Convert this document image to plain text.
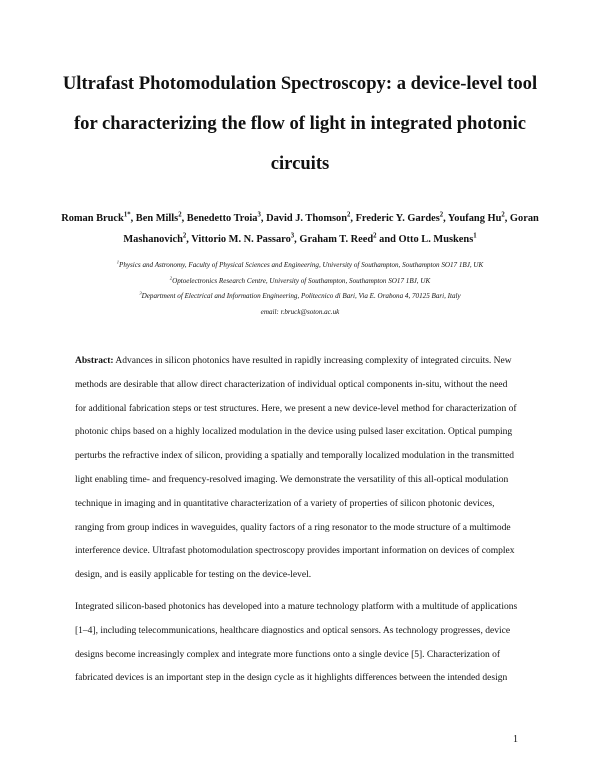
Ultrafast Photomodulation Spectroscopy: a device-level tool
for characterizing the flow of light in integrated photonic
circuits
Roman Bruck$^{1*}$, Ben Mills$^2$, Benedetto Troia$^3$, David J. Thomson$^2$, Frederic Y. Gardes$^2$, Youfang Hu$^2$, Goran
Mashanovich$^2$, Vittorio M. N. Passaro$^3$, Graham T. Reed$^2$ and Otto L. Muskens$^1$
$^1$Physics and Astronomy, Faculty of Physical Sciences and Engineering, University of Southampton, Southampton SO17 1BJ, UK
$^2$Optoelectronics Research Centre, University of Southampton, Southampton SO17 1BJ, UK
$^3$Department of Electrical and Information Engineering, Politecnico di Bari, Via E. Orabona 4, 70125 Bari, Italy
email: r.bruck@soton.ac.uk
Abstract: Advances in silicon photonics have resulted in rapidly increasing complexity of integrated circuits. New
methods are desirable that allow direct characterization of individual optical components in-situ, without the need
for additional fabrication steps or test structures. Here, we present a new device-level method for characterization of
photonic chips based on a highly localized modulation in the device using pulsed laser excitation. Optical pumping
perturbs the refractive index of silicon, providing a spatially and temporally localized modulation in the transmitted
light enabling time- and frequency-resolved imaging. We demonstrate the versatility of this all-optical modulation
technique in imaging and in quantitative characterization of a variety of properties of silicon photonic devices,
ranging from group indices in waveguides, quality factors of a ring resonator to the mode structure of a multimode
interference device. Ultrafast photomodulation spectroscopy provides important information on devices of complex
design, and is easily applicable for testing on the device-level.
Integrated silicon-based photonics has developed into a mature technology platform with a multitude of applications
[1–4], including telecommunications, healthcare diagnostics and optical sensors. As technology progresses, device
designs become increasingly complex and integrate more functions onto a single device [5]. Characterization of
fabricated devices is an important step in the design cycle as it highlights differences between the intended design
1
